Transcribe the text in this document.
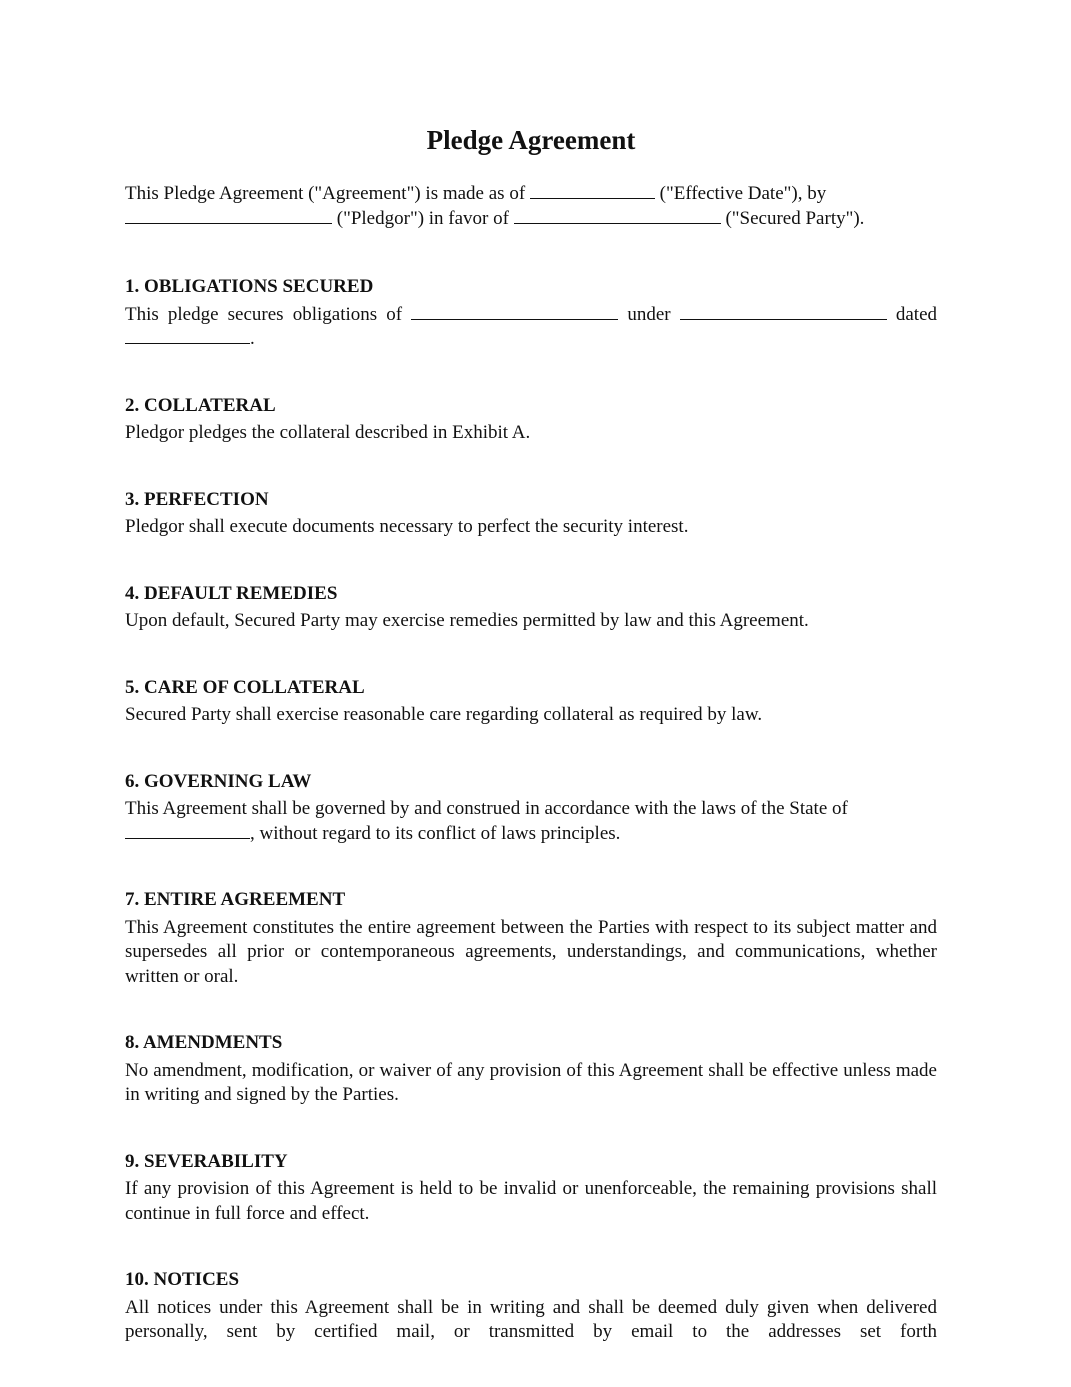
Pledge Agreement

This Pledge Agreement ("Agreement") is made as of	("Effective Date"), by
("Pledgor") in favor of	("Secured Party").

1. OBLIGATIONS SECURED

This pledge secures obligations of	under	dated .

2. COLLATERAL

Pledgor pledges the collateral described in Exhibit A.

3. PERFECTION

Pledgor shall execute documents necessary to perfect the security interest.

4. DEFAULT REMEDIES

Upon default, Secured Party may exercise remedies permitted by law and this Agreement.

5. CARE OF COLLATERAL

Secured Party shall exercise reasonable care regarding collateral as required by law.

6. GOVERNING LAW

This Agreement shall be governed by and construed in accordance with the laws of the State of
, without regard to its conflict of laws principles.

7. ENTIRE AGREEMENT

This Agreement constitutes the entire agreement between the Parties with respect to its subject matter and supersedes all prior or contemporaneous agreements, understandings, and communications, whether written or oral.

8. AMENDMENTS

No amendment, modification, or waiver of any provision of this Agreement shall be effective unless made in writing and signed by the Parties.

9. SEVERABILITY

If any provision of this Agreement is held to be invalid or unenforceable, the remaining provisions shall continue in full force and effect.

10. NOTICES

All notices under this Agreement shall be in writing and shall be deemed duly given when delivered personally, sent by certified mail, or transmitted by email to the addresses set forth
